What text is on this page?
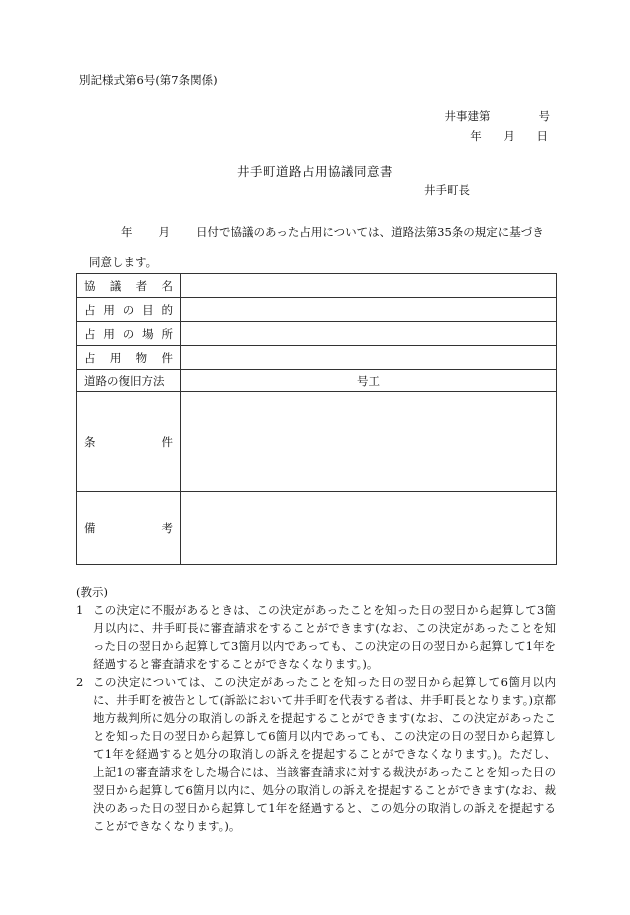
別記様式第6号(第7条関係)
井事建第	号
年 月 日
井手町道路占用協議同意書
井手町長
年 月 日付で協議のあった占用については、道路法第35条の規定に基づき
同意します。
協 議 者 名	

占 用 の 目 的	

占 用 の 場 所	

占 用 物 件	

道路の復旧方法	号工

条 件	

備 考	

(教示)
1 この決定に不服があるときは、この決定があったことを知った日の翌日から起算して3箇月以内に、井手町長に審査請求をすることができます(なお、この決定があったことを知った日の翌日から起算して3箇月以内であっても、この決定の日の翌日から起算して1年を経過すると審査請求をすることができなくなります。)。
2 この決定については、この決定があったことを知った日の翌日から起算して6箇月以内に、井手町を被告として(訴訟において井手町を代表する者は、井手町長となります。)京都地方裁判所に処分の取消しの訴えを提起することができます(なお、この決定があったことを知った日の翌日から起算して6箇月以内であっても、この決定の日の翌日から起算して1年を経過すると処分の取消しの訴えを提起することができなくなります。)。ただし、上記1の審査請求をした場合には、当該審査請求に対する裁決があったことを知った日の翌日から起算して6箇月以内に、処分の取消しの訴えを提起することができます(なお、裁決のあった日の翌日から起算して1年を経過すると、この処分の取消しの訴えを提起することができなくなります。)。
